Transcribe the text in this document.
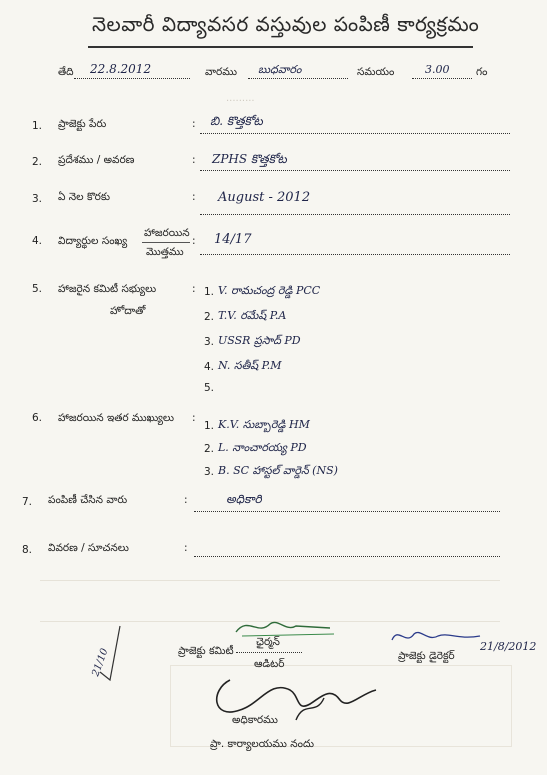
నెలవారీ విద్యావసర వస్తువుల పంపిణీ కార్యక్రమం
తేది 22.8.2012	వారము బుధవారం	సమయం	3.00	గం
·········
1. ప్రాజెక్టు పేరు	: బి. కొత్తకోట
2. ప్రదేశము / అవరణ	: ZPHS కొత్తకోట
3. ఏ నెల కొరకు	: August - 2012
4. విద్యార్థుల సంఖ్య
హాజరయిన
మొత్తము
: 14/17
5. హాజరైన కమిటీ సభ్యులు
హోదాతో
: 1. V. రామచంద్ర రెడ్డి PCC
2. T.V. రమేష్ P.A
3. USSR ప్రసాద్ PD
4. N. సతీష్ P.M
5.
6. హాజరయిన ఇతర ముఖ్యులు :
1. K.V. సుబ్బారెడ్డి HM
2. L. నాంచారయ్య PD
3. B. SC హాస్టల్ వార్డెన్ (NS)
7. పంపిణీ చేసిన వారు	:	అధికారి
8. వివరణ / సూచనలు	:
ఛైర్మన్
ప్రాజెక్టు కమిటీ
ఆడిటర్
ప్రాజెక్టు డైరెక్టర్
21/8/2012
21/10
అధికారము
ప్రా. కార్యాలయము నందు
